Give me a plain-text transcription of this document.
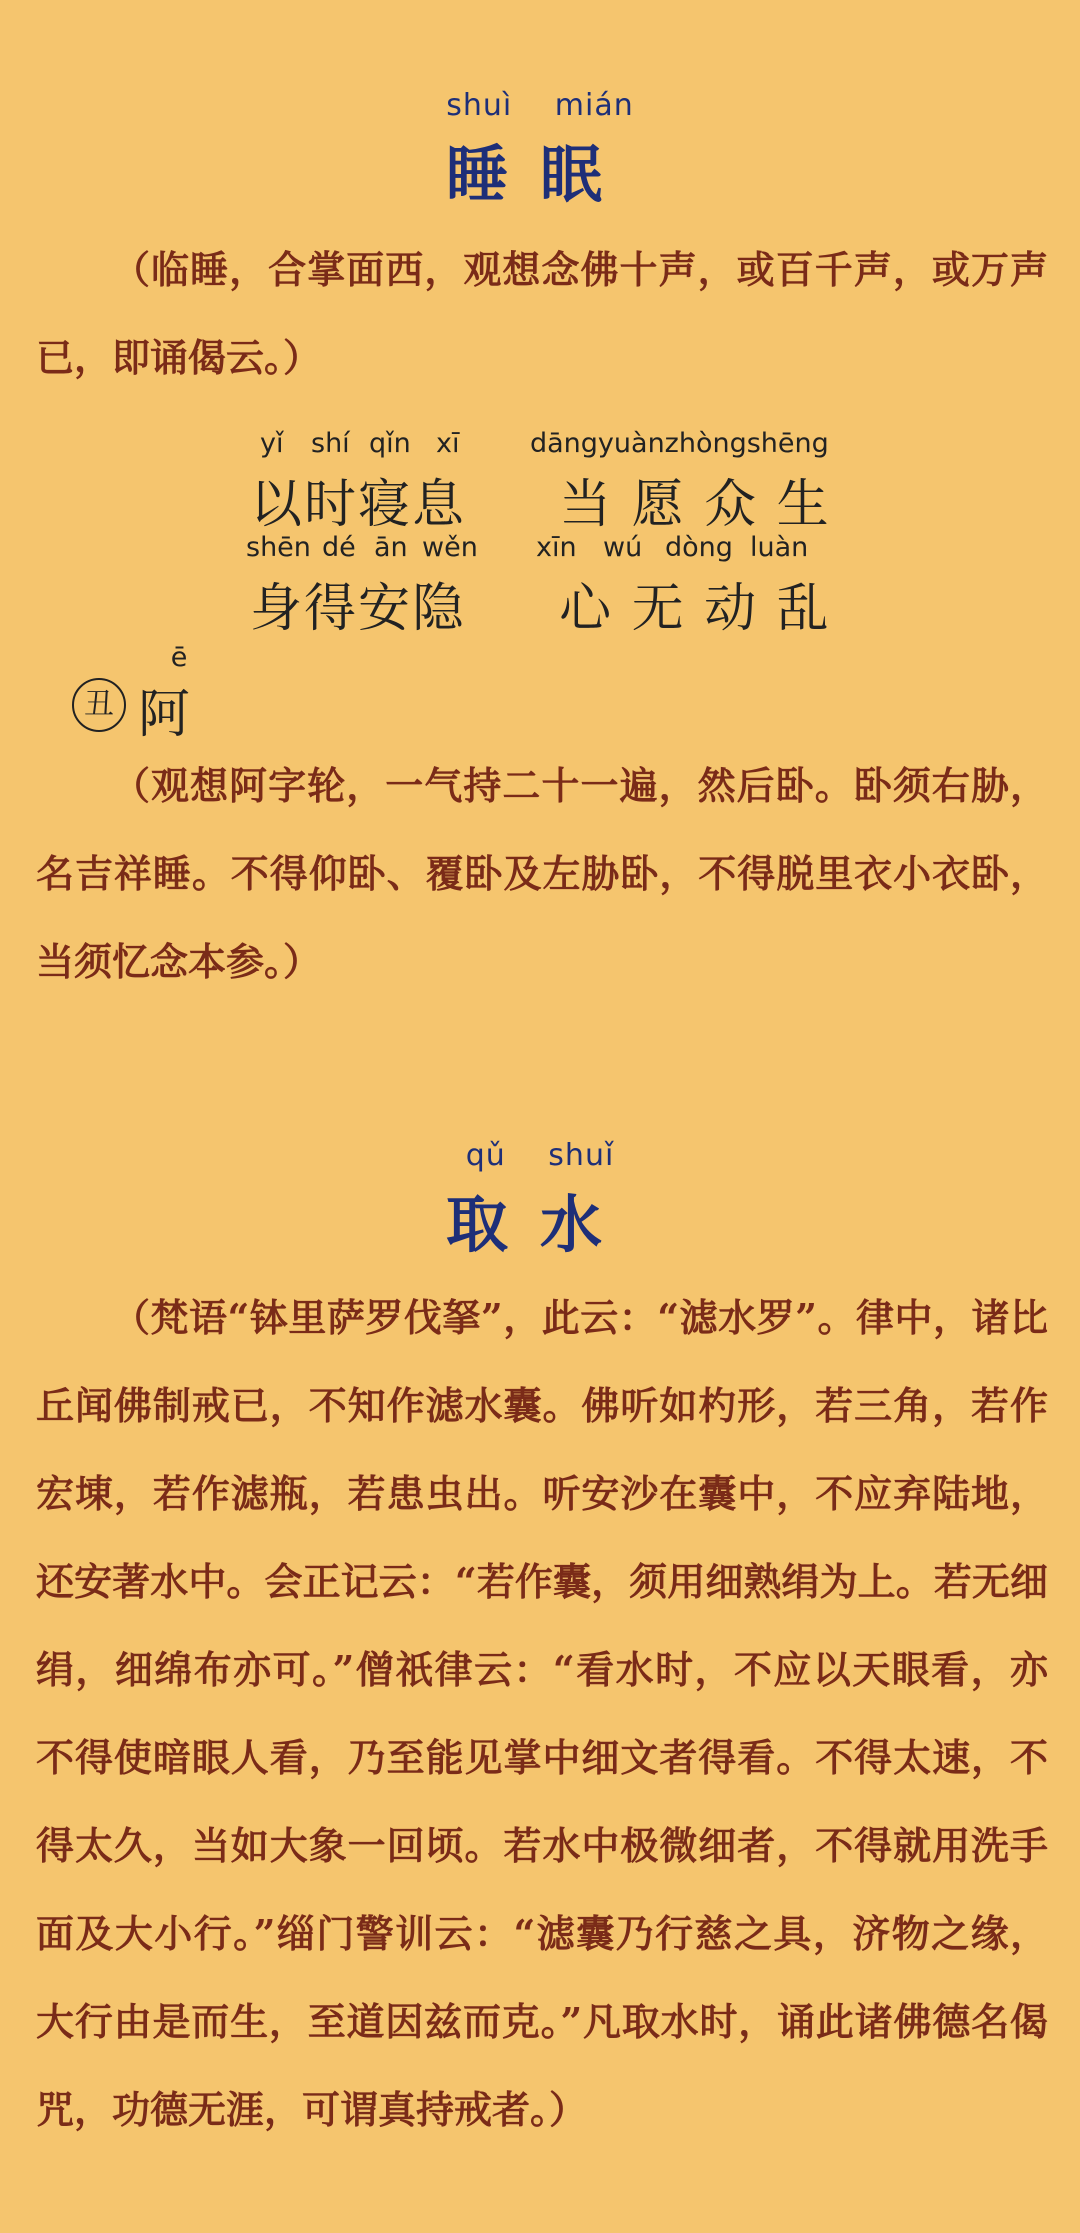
shuì mián
睡眠

（临睡，合掌面西，观想念佛十声，或百千声，或万声已，即诵偈云。）

yǐ shí qǐn xī	dāngyuànzhòngshēng
以时寝息 当 愿 众 生
shēn dé ān wěn xīn wú dòng luàn
身得安隐 心 无 动 乱
丑
ē
阿

（观想阿字轮，一气持二十一遍，然后卧。卧须右胁，名吉祥睡。不得仰卧、覆卧及左胁卧，不得脱里衣小衣卧，当须忆念本参。）

qǔ shuǐ
取水

（梵语“钵里萨罗伐拏”，此云：“滤水罗”。律中，诸比丘闻佛制戒已，不知作滤水囊。佛听如杓形，若三角，若作宏埬，若作滤瓶，若患虫出。听安沙在囊中，不应弃陆地，还安著水中。会正记云：“若作囊，须用细熟绢为上。若无细绢，细绵布亦可。”僧祇律云：“看水时，不应以天眼看，亦不得使暗眼人看，乃至能见掌中细文者得看。不得太速，不得太久，当如大象一回顷。若水中极微细者，不得就用洗手面及大小行。”缁门警训云：“滤囊乃行慈之具，济物之缘，大行由是而生，至道因兹而克。”凡取水时，诵此诸佛德名偈咒，功德无涯，可谓真持戒者。）
